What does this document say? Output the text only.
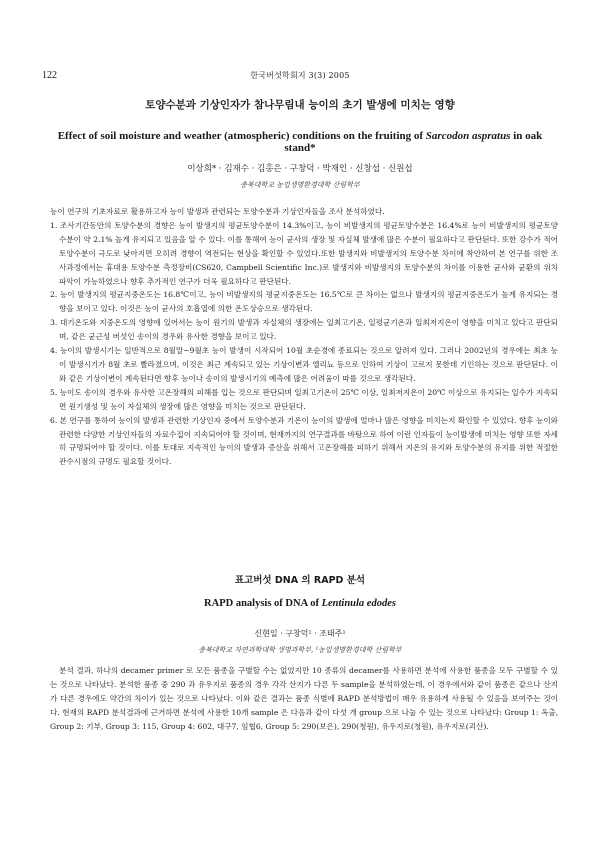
122	한국버섯학회지 3(3) 2005
토양수분과 기상인자가 참나무림내 능이의 초기 발생에 미치는 영향
Effect of soil moisture and weather (atmospheric) conditions on the fruiting of Sarcodon aspratus in oak stand*
이상희* · 김재수 · 김홍은 · 구창덕 · 박재인 · 신창섭 · 신원섭
충북대학교 농업생명환경대학 산림학부

능이 연구의 기초자료로 활용하고자 능이 발생과 관련되는 토양수분과 기상인자들을 조사 분석하였다.

1. 조사기간동안의 토양수분의 경향은 능이 발생지의 평균토양수분이 14.3%이고, 능이 비발생지의 평균토양수분은 16.4%로 능이 비발생지의 평균토양수분이 약 2.1% 높게 유지되고 있음을 알 수 있다. 이를 통해여 능이 균사의 생장 및 자실체 발생에 많은 수분이 필요하다고 판단된다. 또한 강수가 적어 토양수분이 극도로 낮아지면 오히려 경향이 역전되는 현상을 확인할 수 있었다.또한 발생지와 비발생지의 토양수분 차이에 착안하여 본 연구를 위한 조사과정에서는 휴대용 토양수분 측정장비(CS620, Campbell Scientific Inc.)로 발생지와 비발생지의 토양수분의 차이를 이용한 균사와 균환의 위치파악이 가능하였으나 향후 추가적인 연구가 더욱 필요하다고 판단된다.
2. 능이 발생지의 평균지중온도는 16.8℃이고, 능이 비발생지의 평균지중온도는 16.5℃로 큰 차이는 없으나 발생지의 평균지중온도가 높게 유지되는 경향을 보이고 있다. 이것은 능이 균사의 호흡열에 의한 온도상승으로 생각된다.
3. 대기온도와 지중온도의 영향에 있어서는 능이 원기의 발생과 자실체의 생장에는 일최고기온, 일평균기온과 일최저지온이 영향을 미치고 있다고 판단되며, 같은 균근성 버섯인 송이의 경우와 유사한 경향을 보이고 있다.
4. 능이의 발생시기는 일반적으로 8월말~9월초 능이 발생이 시작되어 10월 초순경에 종료되는 것으로 알려져 있다. 그러나 2002년의 경우에는 최초 능이 발생시기가 8월 초로 빨라졌으며, 이것은 최근 계속되고 있는 기상이변과 엘리뇨 등으로 인하여 기상이 고르지 못한데 기인하는 것으로 판단된다. 이와 같은 기상이변이 계속된다면 향후 능이나 송이의 발생시기의 예측에 많은 어려움이 따를 것으로 생각된다.
5. 능이도 송이의 경우와 유사한 고온장해의 피해를 입는 것으로 판단되며 일최고기온이 25℃ 이상, 일최저지온이 20℃ 이상으로 유지되는 일수가 지속되면 원기생성 및 능이 자실체의 생장에 많은 영향을 미치는 것으로 판단된다.
6. 본 연구를 통하여 능이의 발생과 관련한 기상인자 중에서 토양수분과 기온이 능이의 발생에 얼마나 많은 영향을 미치는지 확인할 수 있었다. 향후 능이와 관련한 다양한 기상인자들의 자료수집이 지속되어야 할 것이며, 현재까지의 연구결과를 바탕으로 하여 이런 인자들이 능이발생에 미치는 영향 또한 자세히 규명되어야 할 것이다. 이를 토대로 지속적인 능이의 발생과 증산을 위해서 고온장해를 피하기 위해서 지온의 유지와 토양수분의 유지를 위한 적절한 관수시점의 규명도 필요할 것이다.
표고버섯 DNA 의 RAPD 분석
RAPD analysis of DNA of Lentinula edodes
신현일 · 구창덕¹ · 조태주¹
충북대학교 자연과학대학 생명과학부, ¹농업생명환경대학 산림학부

분석 결과, 하나의 decamer primer 로 모든 품종을 구별할 수는 없었지만 10 종류의 decamer를 사용하면 분석에 사용한 품종을 모두 구별할 수 있는 것으로 나타났다. 분석한 품종 중 290 과 유우지로 품종의 경우 각각 산지가 다른 두 sample을 분석하였는데, 이 경우에서와 같이 품종은 같으나 산지가 다른 경우에도 약간의 차이가 있는 것으로 나타났다. 이와 같은 결과는 품종 식별에 RAPD 분석방법이 매우 유용하게 사용될 수 있음을 보여주는 것이다. 현재의 RAPD 분석결과에 근거하면 분석에 사용한 10개 sample 은 다음과 같이 다섯 개 group 으로 나눌 수 있는 것으로 나타났다: Group 1: 옥출, Group 2: 기부, Group 3: 115, Group 4: 602, 대구7, 임협6, Group 5: 290(보은), 290(청원), 유우지로(청원), 유우지로(괴산).
